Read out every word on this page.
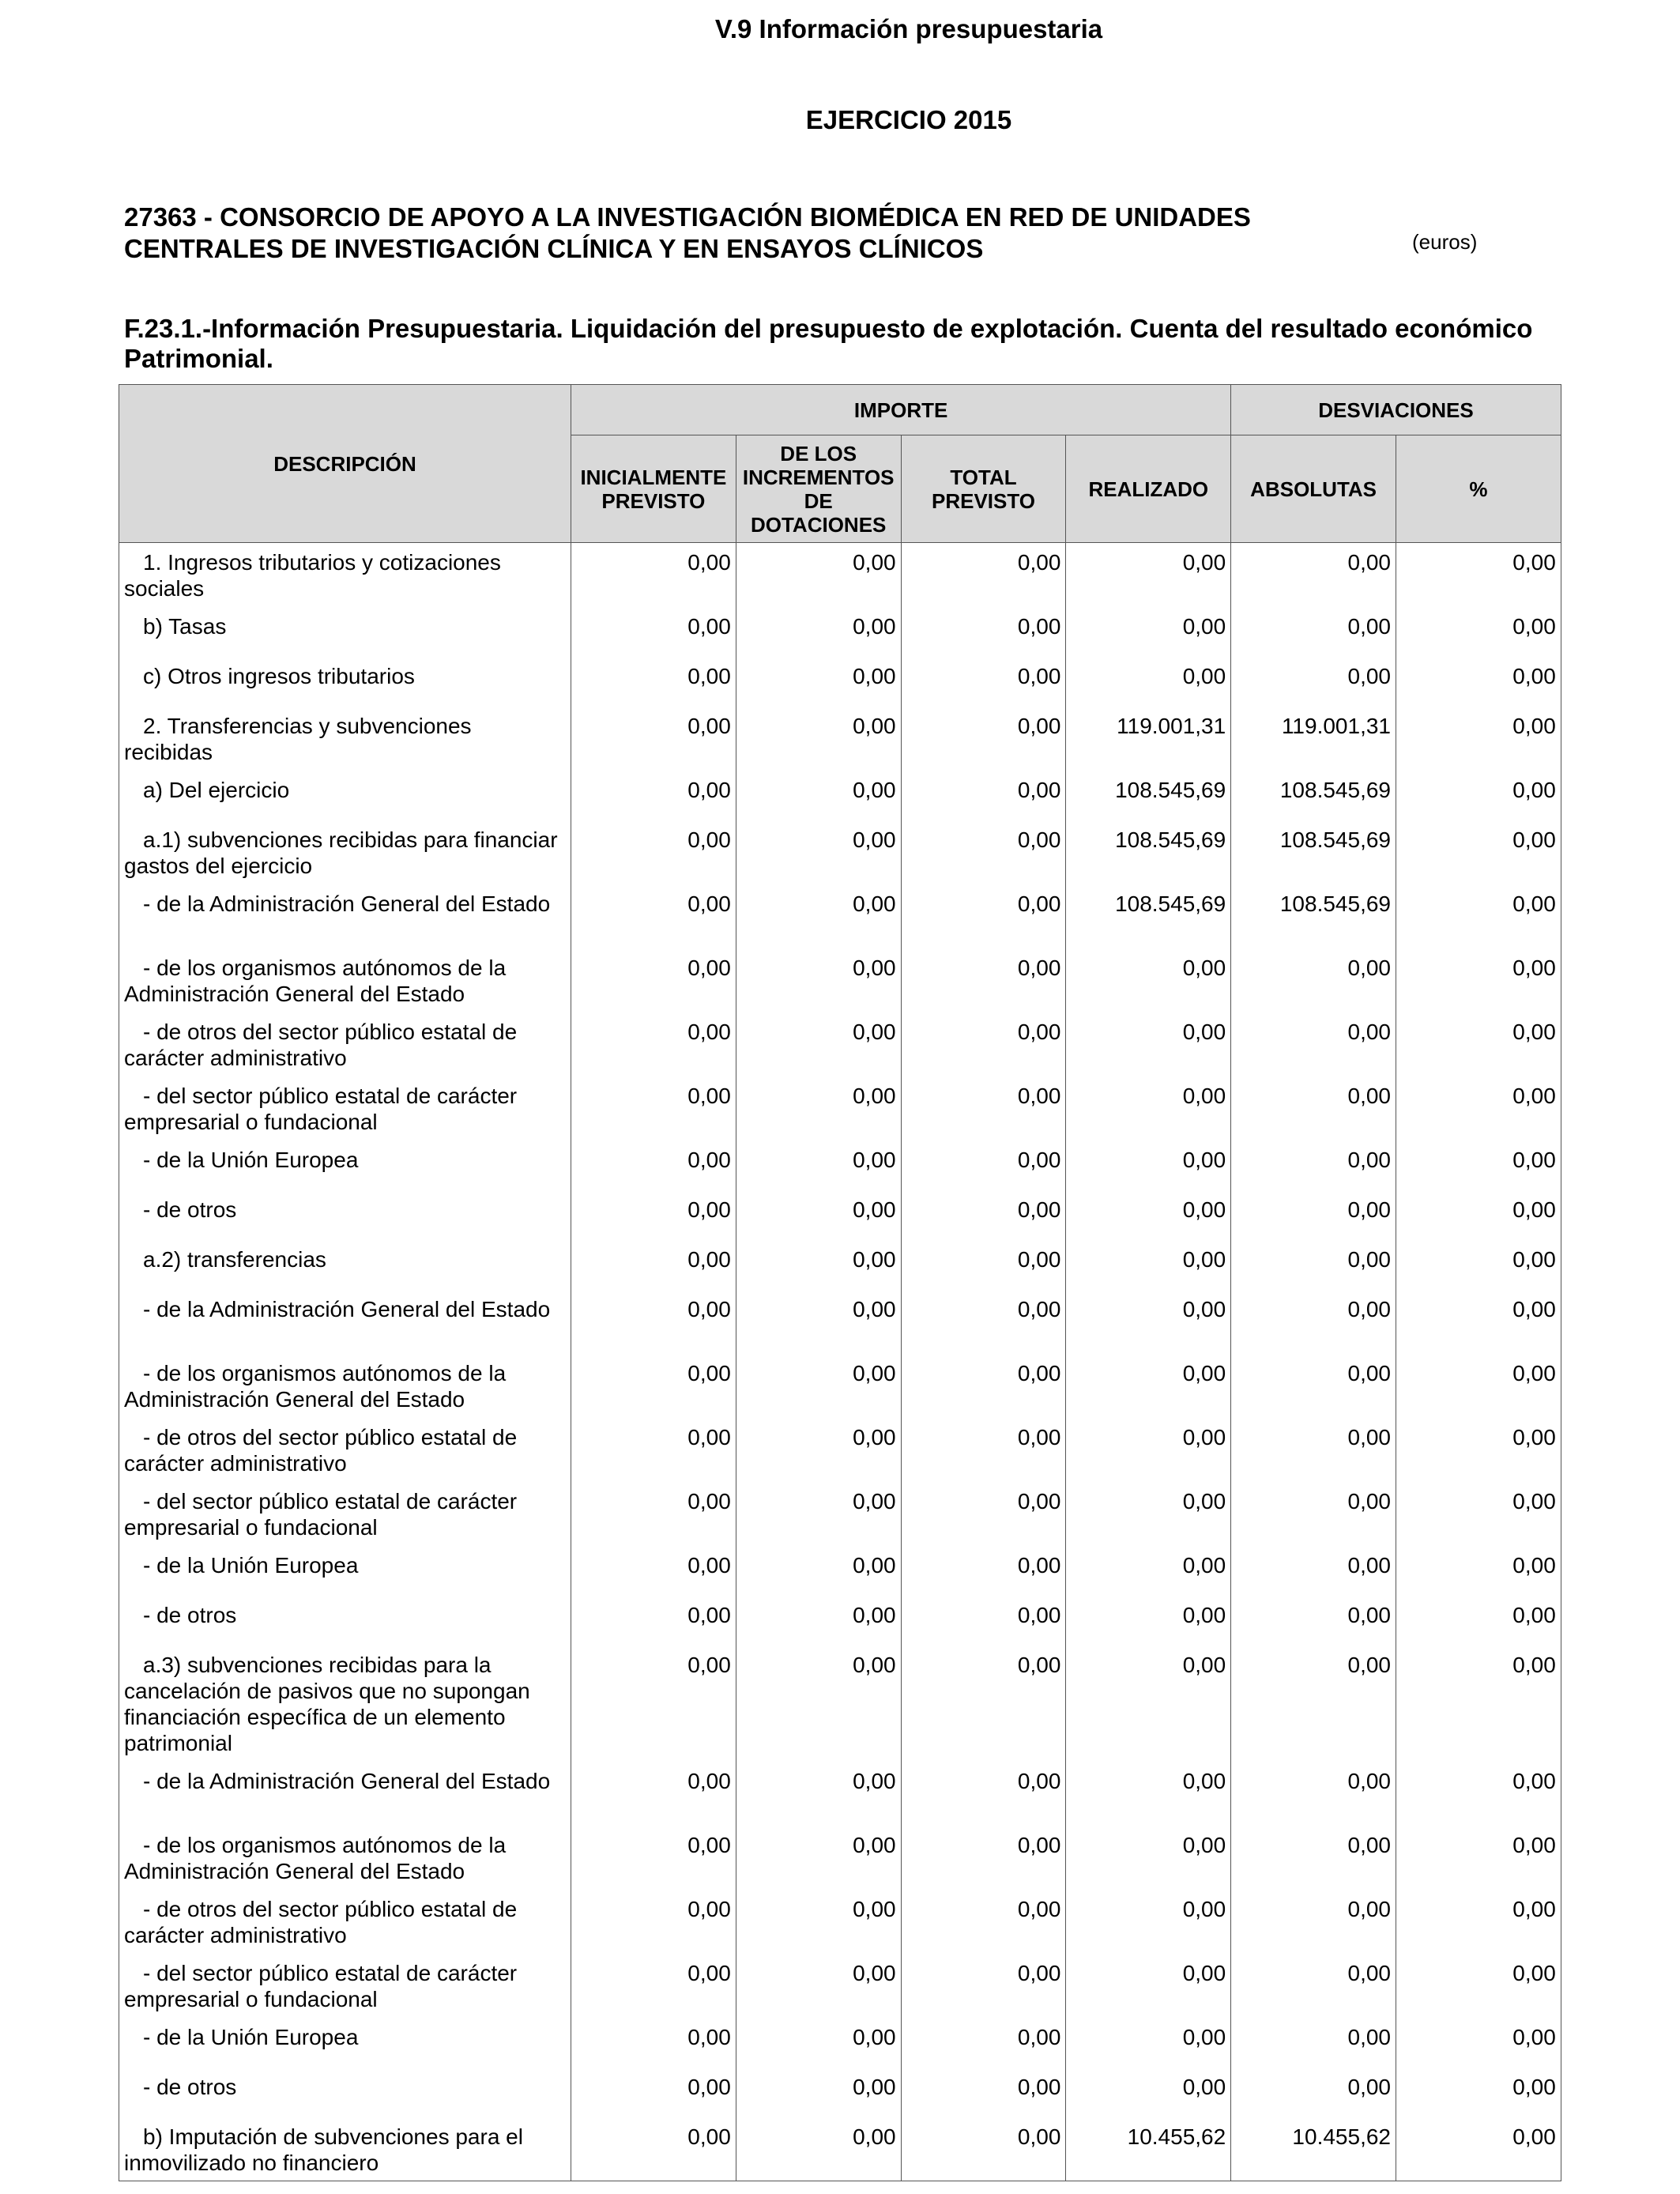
V.9 Información presupuestaria
EJERCICIO 2015
27363 - CONSORCIO DE APOYO A LA INVESTIGACIÓN BIOMÉDICA EN RED DE UNIDADES
CENTRALES DE INVESTIGACIÓN CLÍNICA Y EN ENSAYOS CLÍNICOS	(euros)
F.23.1.-Información Presupuestaria. Liquidación del presupuesto de explotación. Cuenta del resultado económico Patrimonial.
DESCRIPCIÓN	IMPORTE				DESVIACIONES	
	INICIALMENTE PREVISTO	DE LOS INCREMENTOS DE DOTACIONES	TOTAL PREVISTO	REALIZADO	ABSOLUTAS	%
1. Ingresos tributarios y cotizaciones sociales	0,00	0,00	0,00	0,00	0,00	0,00
b) Tasas	0,00	0,00	0,00	0,00	0,00	0,00
c) Otros ingresos tributarios	0,00	0,00	0,00	0,00	0,00	0,00
2. Transferencias y subvenciones recibidas	0,00	0,00	0,00	119.001,31	119.001,31	0,00
a) Del ejercicio	0,00	0,00	0,00	108.545,69	108.545,69	0,00
a.1) subvenciones recibidas para financiar gastos del ejercicio	0,00	0,00	0,00	108.545,69	108.545,69	0,00
- de la Administración General del Estado	0,00	0,00	0,00	108.545,69	108.545,69	0,00
- de los organismos autónomos de la Administración General del Estado	0,00	0,00	0,00	0,00	0,00	0,00
- de otros del sector público estatal de carácter administrativo	0,00	0,00	0,00	0,00	0,00	0,00
- del sector público estatal de carácter empresarial o fundacional	0,00	0,00	0,00	0,00	0,00	0,00
- de la Unión Europea	0,00	0,00	0,00	0,00	0,00	0,00
- de otros	0,00	0,00	0,00	0,00	0,00	0,00
a.2) transferencias	0,00	0,00	0,00	0,00	0,00	0,00
- de la Administración General del Estado	0,00	0,00	0,00	0,00	0,00	0,00
- de los organismos autónomos de la Administración General del Estado	0,00	0,00	0,00	0,00	0,00	0,00
- de otros del sector público estatal de carácter administrativo	0,00	0,00	0,00	0,00	0,00	0,00
- del sector público estatal de carácter empresarial o fundacional	0,00	0,00	0,00	0,00	0,00	0,00
- de la Unión Europea	0,00	0,00	0,00	0,00	0,00	0,00
- de otros	0,00	0,00	0,00	0,00	0,00	0,00
a.3) subvenciones recibidas para la cancelación de pasivos que no supongan financiación específica de un elemento patrimonial	0,00	0,00	0,00	0,00	0,00	0,00
- de la Administración General del Estado	0,00	0,00	0,00	0,00	0,00	0,00
- de los organismos autónomos de la Administración General del Estado	0,00	0,00	0,00	0,00	0,00	0,00
- de otros del sector público estatal de carácter administrativo	0,00	0,00	0,00	0,00	0,00	0,00
- del sector público estatal de carácter empresarial o fundacional	0,00	0,00	0,00	0,00	0,00	0,00
- de la Unión Europea	0,00	0,00	0,00	0,00	0,00	0,00
- de otros	0,00	0,00	0,00	0,00	0,00	0,00
b) Imputación de subvenciones para el inmovilizado no financiero	0,00	0,00	0,00	10.455,62	10.455,62	0,00
